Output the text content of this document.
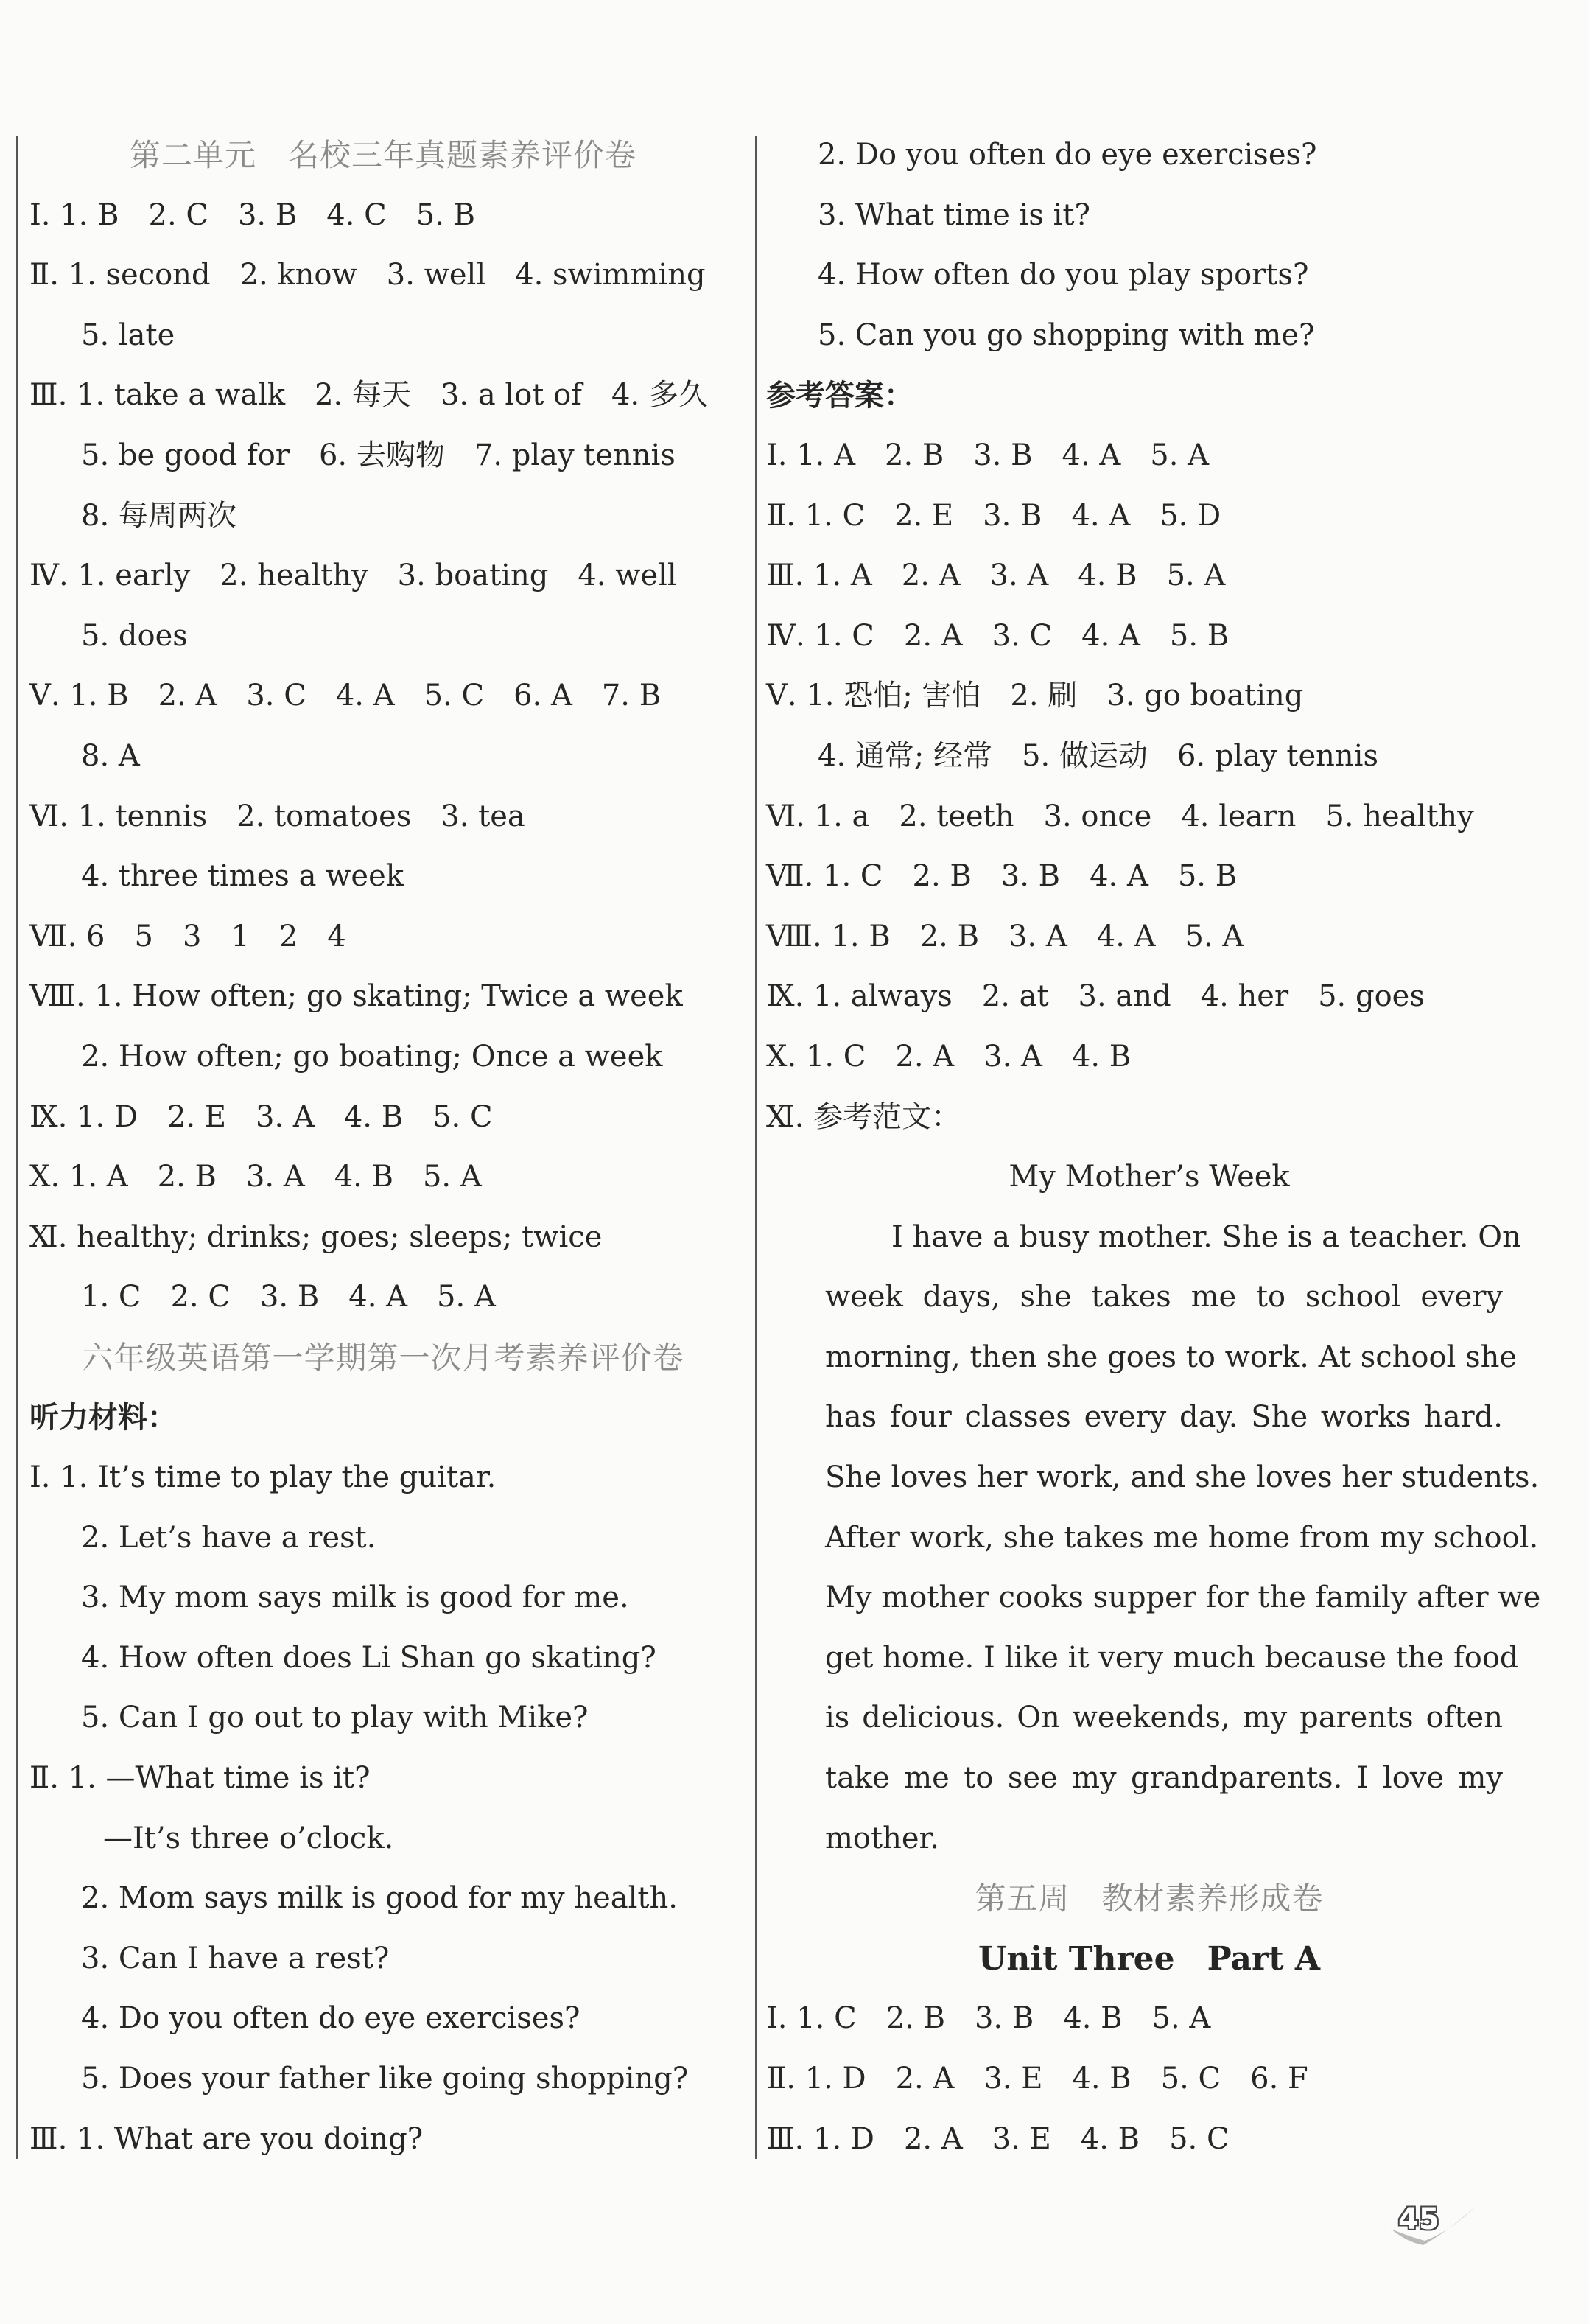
第二单元　名校三年真题素养评价卷
Ⅰ. 1. B　2. C　3. B　4. C　5. B
Ⅱ. 1. second　2. know　3. well　4. swimming
5. late
Ⅲ. 1. take a walk　2. 每天　3. a lot of　4. 多久
5. be good for　6. 去购物　7. play tennis
8. 每周两次
Ⅳ. 1. early　2. healthy　3. boating　4. well
5. does
Ⅴ. 1. B　2. A　3. C　4. A　5. C　6. A　7. B
8. A
Ⅵ. 1. tennis　2. tomatoes　3. tea
4. three times a week
Ⅶ. 6　5　3　1　2　4
Ⅷ. 1. How often; go skating; Twice a week
2. How often; go boating; Once a week
Ⅸ. 1. D　2. E　3. A　4. B　5. C
Ⅹ. 1. A　2. B　3. A　4. B　5. A
Ⅺ. healthy; drinks; goes; sleeps; twice
1. C　2. C　3. B　4. A　5. A
六年级英语第一学期第一次月考素养评价卷
听力材料：
Ⅰ. 1. It’s time to play the guitar.
2. Let’s have a rest.
3. My mom says milk is good for me.
4. How often does Li Shan go skating?
5. Can I go out to play with Mike?
Ⅱ. 1. —What time is it?
—It’s three o’clock.
2. Mom says milk is good for my health.
3. Can I have a rest?
4. Do you often do eye exercises?
5. Does your father like going shopping?
Ⅲ. 1. What are you doing?
2. Do you often do eye exercises?
3. What time is it?
4. How often do you play sports?
5. Can you go shopping with me?
参考答案：
Ⅰ. 1. A　2. B　3. B　4. A　5. A
Ⅱ. 1. C　2. E　3. B　4. A　5. D
Ⅲ. 1. A　2. A　3. A　4. B　5. A
Ⅳ. 1. C　2. A　3. C　4. A　5. B
Ⅴ. 1. 恐怕; 害怕　2. 刷　3. go boating
4. 通常; 经常　5. 做运动　6. play tennis
Ⅵ. 1. a　2. teeth　3. once　4. learn　5. healthy
Ⅶ. 1. C　2. B　3. B　4. A　5. B
Ⅷ. 1. B　2. B　3. A　4. A　5. A
Ⅸ. 1. always　2. at　3. and　4. her　5. goes
Ⅹ. 1. C　2. A　3. A　4. B
Ⅺ. 参考范文：
My Mother’s Week
I have a busy mother. She is a teacher. On
week days, she takes me to school every
morning, then she goes to work. At school she
has four classes every day. She works hard.
She loves her work, and she loves her students.
After work, she takes me home from my school.
My mother cooks supper for the family after we
get home. I like it very much because the food
is delicious. On weekends, my parents often
take me to see my grandparents. I love my
mother.
第五周　教材素养形成卷
Unit Three　Part A
Ⅰ. 1. C　2. B　3. B　4. B　5. A
Ⅱ. 1. D　2. A　3. E　4. B　5. C　6. F
Ⅲ. 1. D　2. A　3. E　4. B　5. C
45
